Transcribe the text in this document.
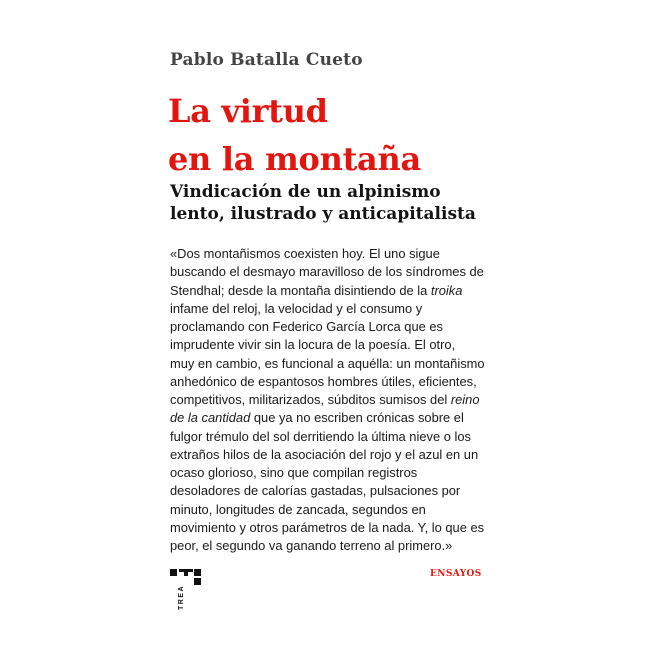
Pablo Batalla Cueto
La virtud
en la montaña
Vindicación de un alpinismo
lento, ilustrado y anticapitalista
«Dos montañismos coexisten hoy. El uno sigue
buscando el desmayo maravilloso de los síndromes de
Stendhal; desde la montaña disintiendo de la troika
infame del reloj, la velocidad y el consumo y
proclamando con Federico García Lorca que es
imprudente vivir sin la locura de la poesía. El otro,
muy en cambio, es funcional a aquélla: un montañismo
anhedónico de espantosos hombres útiles, eficientes,
competitivos, militarizados, súbditos sumisos del reino
de la cantidad que ya no escriben crónicas sobre el
fulgor trémulo del sol derritiendo la última nieve o los
extraños hilos de la asociación del rojo y el azul en un
ocaso glorioso, sino que compilan registros
desoladores de calorías gastadas, pulsaciones por
minuto, longitudes de zancada, segundos en
movimiento y otros parámetros de la nada. Y, lo que es
peor, el segundo va ganando terreno al primero.»
TREA
ENSAYOS
